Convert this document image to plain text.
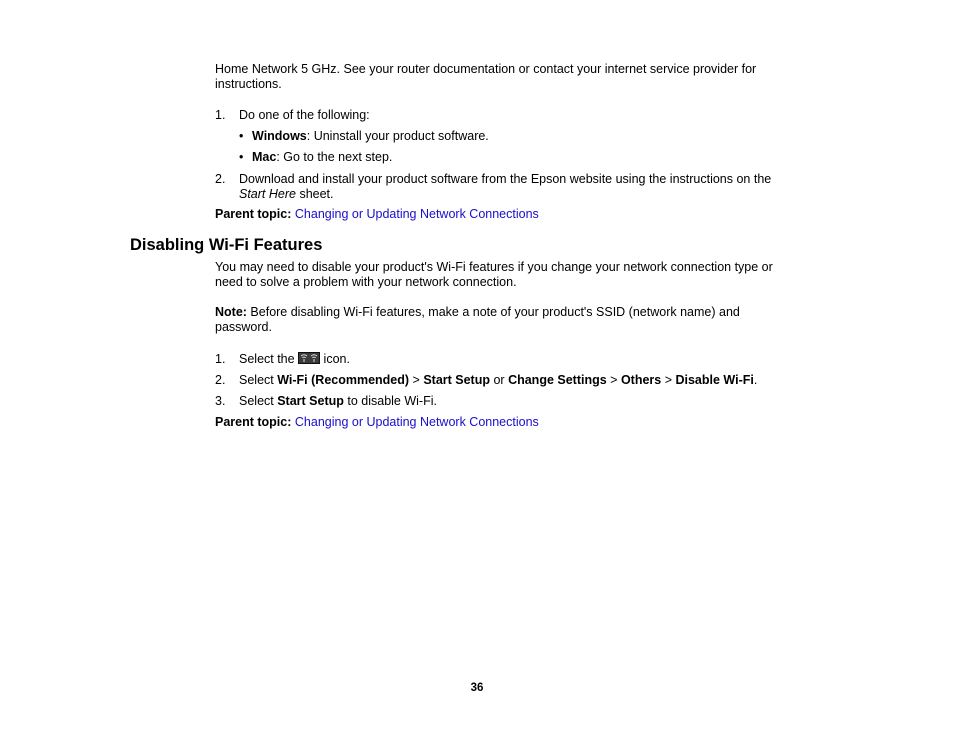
Home Network 5 GHz. See your router documentation or contact your internet service provider for
instructions.
1. Do one of the following:
• Windows: Uninstall your product software.
• Mac: Go to the next step.
2. Download and install your product software from the Epson website using the instructions on the
Start Here sheet.
Parent topic: Changing or Updating Network Connections
Disabling Wi-Fi Features
You may need to disable your product's Wi-Fi features if you change your network connection type or
need to solve a problem with your network connection.
Note: Before disabling Wi-Fi features, make a note of your product's SSID (network name) and
password.
1. Select the
icon.
2. Select Wi-Fi (Recommended) > Start Setup or Change Settings > Others > Disable Wi-Fi.
3. Select Start Setup to disable Wi-Fi.
Parent topic: Changing or Updating Network Connections
36
